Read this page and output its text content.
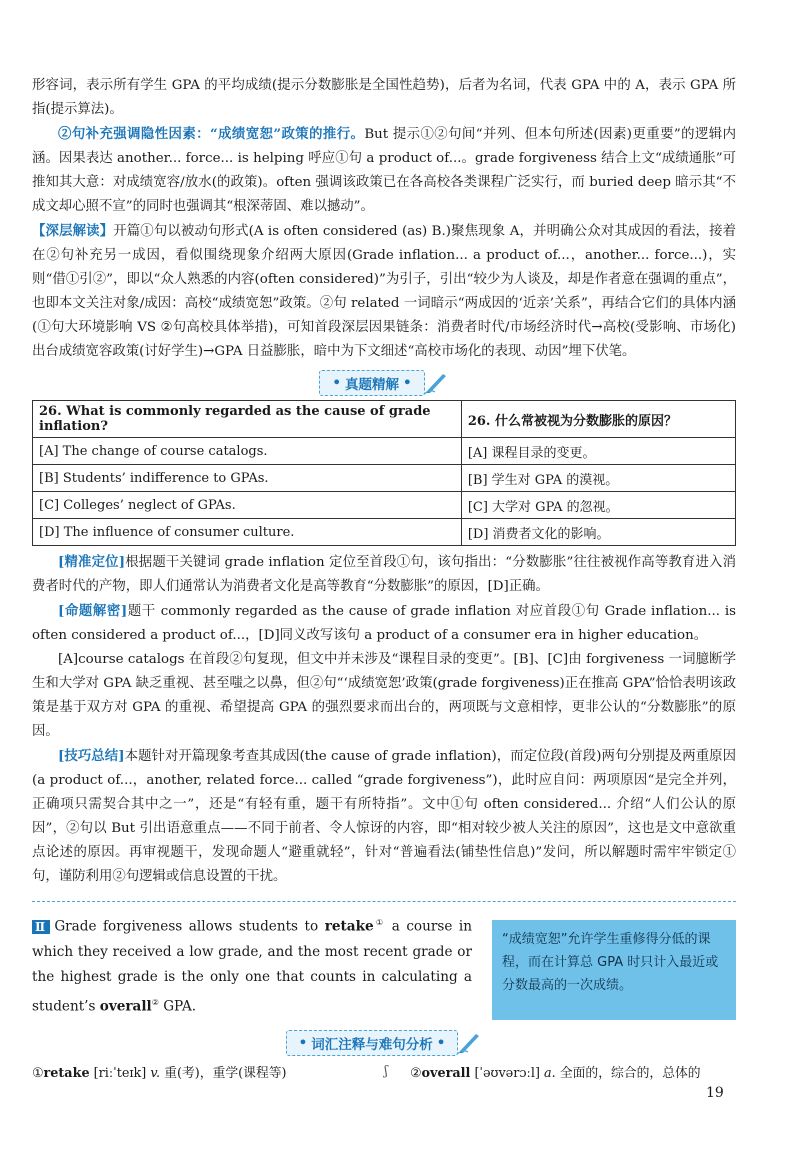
形容词，表示所有学生 GPA 的平均成绩(提示分数膨胀是全国性趋势)，后者为名词，代表 GPA 中的 A，表示 GPA 所指(提示算法)。

②句补充强调隐性因素：“成绩宽恕”政策的推行。But 提示①②句间“并列、但本句所述(因素)更重要”的逻辑内涵。因果表达 another... force... is helping 呼应①句 a product of...。grade forgiveness 结合上文“成绩通胀”可推知其大意：对成绩宽容/放水(的政策)。often 强调该政策已在各高校各类课程广泛实行，而 buried deep 暗示其“不成文却心照不宣”的同时也强调其“根深蒂固、难以撼动”。

【深层解读】开篇①句以被动句形式(A is often considered (as) B.)聚焦现象 A，并明确公众对其成因的看法，接着在②句补充另一成因，看似围绕现象介绍两大原因(Grade inflation... a product of...，another... force...)，实则“借①引②”，即以“众人熟悉的内容(often considered)”为引子，引出“较少为人谈及，却是作者意在强调的重点”，也即本文关注对象/成因：高校“成绩宽恕”政策。②句 related 一词暗示“两成因的‘近亲’关系”，再结合它们的具体内涵(①句大环境影响 VS ②句高校具体举措)，可知首段深层因果链条：消费者时代/市场经济时代→高校(受影响、市场化)出台成绩宽容政策(讨好学生)→GPA 日益膨胀，暗中为下文细述“高校市场化的表现、动因”埋下伏笔。

• 真题精解 •
26. What is commonly regarded as the cause of grade inflation?	26. 什么常被视为分数膨胀的原因？
[A] The change of course catalogs.	[A] 课程目录的变更。
[B] Students’ indifference to GPAs.	[B] 学生对 GPA 的漠视。
[C] Colleges’ neglect of GPAs.	[C] 大学对 GPA 的忽视。
[D] The influence of consumer culture.	[D] 消费者文化的影响。

[精准定位]根据题干关键词 grade inflation 定位至首段①句，该句指出：“分数膨胀”往往被视作高等教育进入消费者时代的产物，即人们通常认为消费者文化是高等教育“分数膨胀”的原因，[D]正确。

[命题解密]题干 commonly regarded as the cause of grade inflation 对应首段①句 Grade inflation... is often considered a product of...，[D]同义改写该句 a product of a consumer era in higher education。

[A]course catalogs 在首段②句复现，但文中并未涉及“课程目录的变更”。[B]、[C]由 forgiveness 一词臆断学生和大学对 GPA 缺乏重视、甚至嗤之以鼻，但②句“‘成绩宽恕’政策(grade forgiveness)正在推高 GPA”恰恰表明该政策是基于双方对 GPA 的重视、希望提高 GPA 的强烈要求而出台的，两项既与文意相悖，更非公认的“分数膨胀”的原因。

[技巧总结]本题针对开篇现象考查其成因(the cause of grade inflation)，而定位段(首段)两句分别提及两重原因(a product of...，another, related force... called “grade forgiveness”)，此时应自问：两项原因“是完全并列，正确项只需契合其中之一”，还是“有轻有重，题干有所特指”。文中①句 often considered... 介绍“人们公认的原因”，②句以 But 引出语意重点——不同于前者、令人惊讶的内容，即“相对较少被人关注的原因”，这也是文中意欲重点论述的原因。再审视题干，发现命题人“避重就轻”，针对“普遍看法(铺垫性信息)”发问，所以解题时需牢牢锁定①句，谨防利用②句逻辑或信息设置的干扰。

Ⅱ Grade forgiveness allows students to retake① a course in which they received a low grade, and the most recent grade or the highest grade is the only one that counts in calculating a student’s overall② GPA.
“成绩宽恕”允许学生重修得分低的课程，而在计算总 GPA 时只计入最近或分数最高的一次成绩。
• 词汇注释与难句分析 •
①retake [riːˈteɪk] v. 重(考)，重学(课程等)	ʃ	②overall [ˈəʊvərɔːl] a. 全面的，综合的，总体的
19
